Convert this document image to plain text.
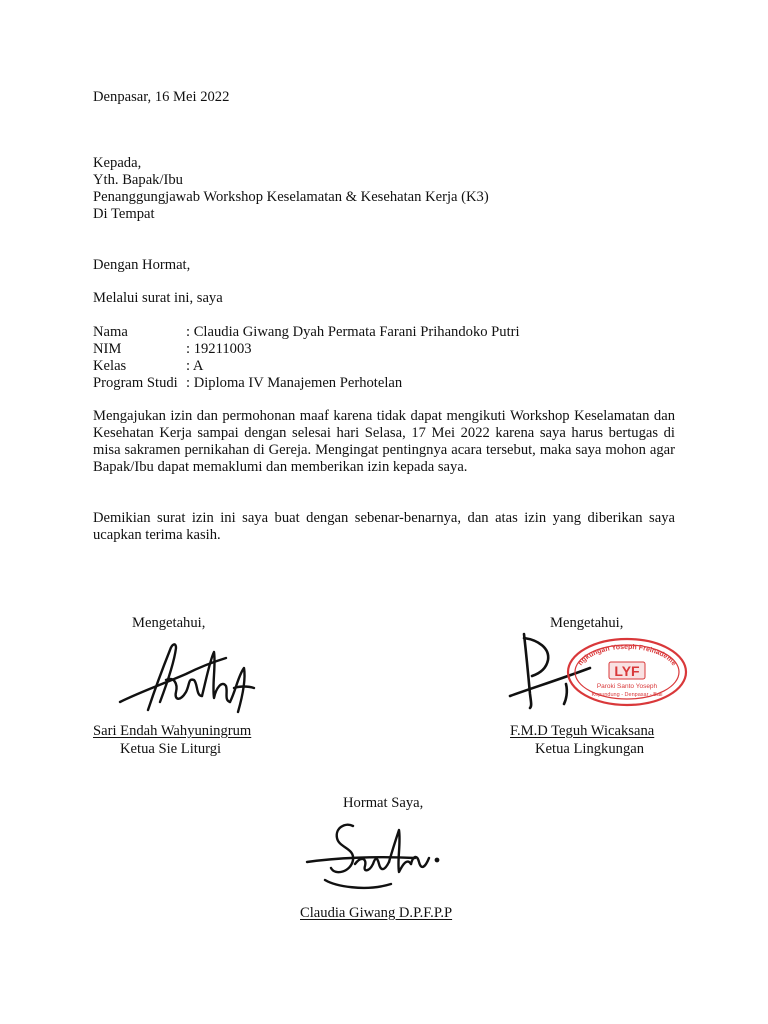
Denpasar, 16 Mei 2022
Kepada,
Yth. Bapak/Ibu
Penanggungjawab Workshop Keselamatan & Kesehatan Kerja (K3)
Di Tempat
Dengan Hormat,
Melalui surat ini, saya
Nama	: Claudia Giwang Dyah Permata Farani Prihandoko Putri
NIM	: 19211003
Kelas	: A
Program Studi : Diploma IV Manajemen Perhotelan
Mengajukan izin dan permohonan maaf karena tidak dapat mengikuti Workshop Keselamatan dan Kesehatan Kerja sampai dengan selesai hari Selasa, 17 Mei 2022 karena saya harus bertugas di misa sakramen pernikahan di Gereja. Mengingat pentingnya acara tersebut, maka saya mohon agar Bapak/Ibu dapat memaklumi dan memberikan izin kepada saya.
Demikian surat izin ini saya buat dengan sebenar-benarnya, dan atas izin yang diberikan saya ucapkan terima kasih.
Mengetahui,
Sari Endah Wahyuningrum
Ketua Sie Liturgi
Mengetahui,
Lingkungan Yoseph Freinademetz
LYF
Paroki Santo Yoseph
Kepundung - Denpasar - Bali
F.M.D Teguh Wicaksana
Ketua Lingkungan
Hormat Saya,
Claudia Giwang D.P.F.P.P
